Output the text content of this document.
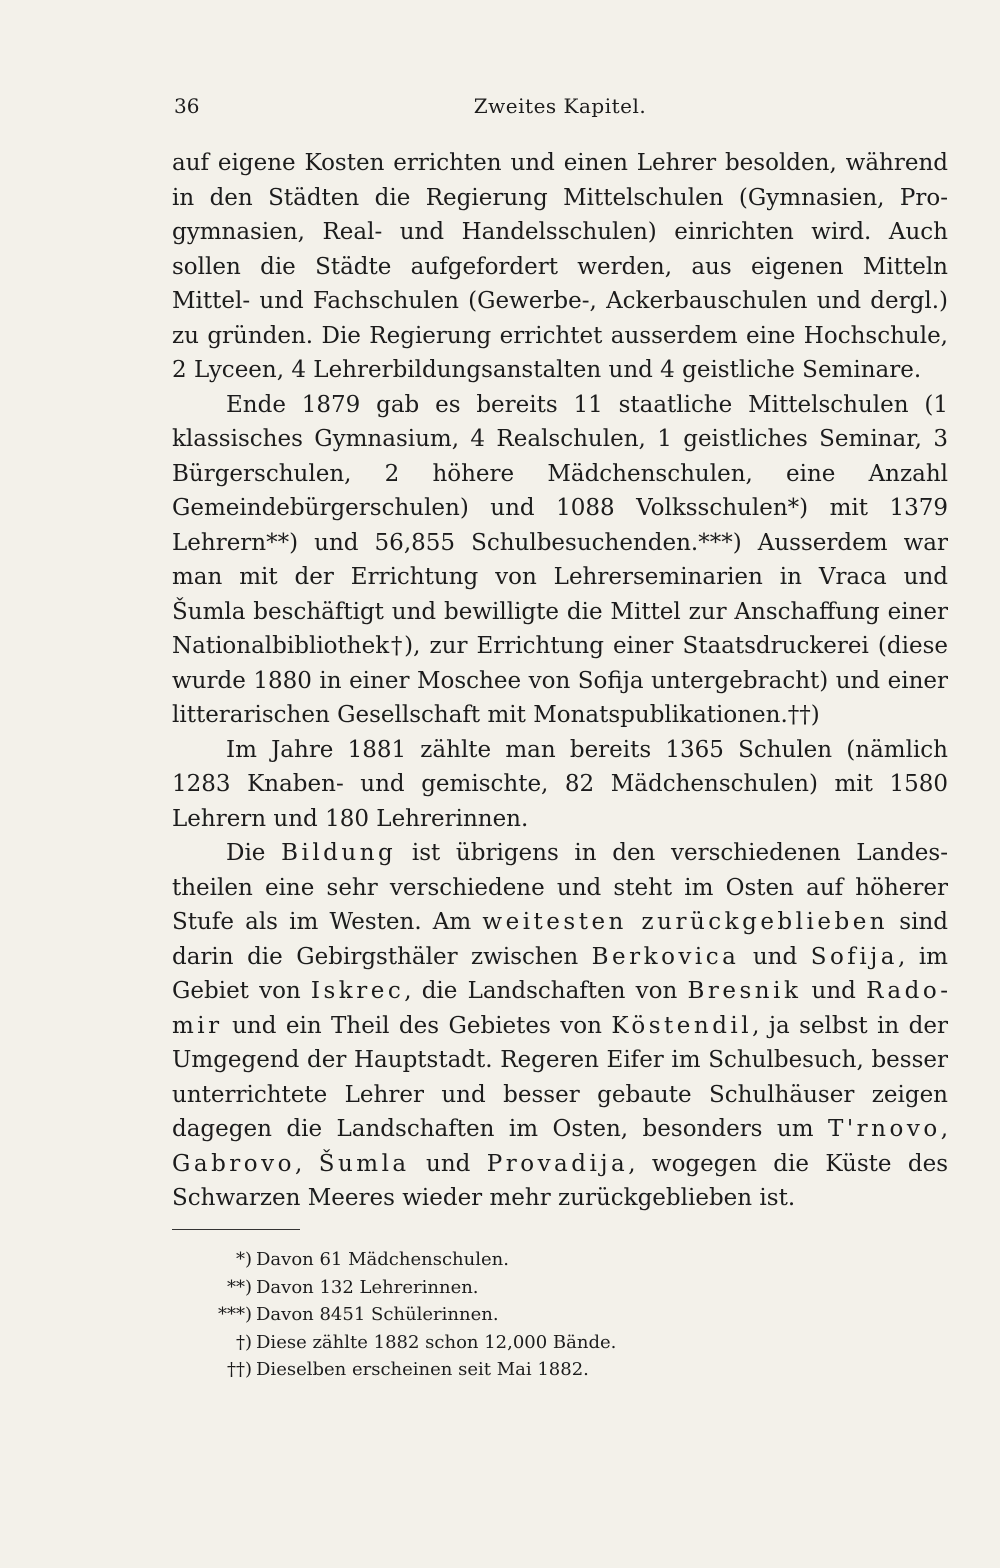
36	Zweites Kapitel.

auf eigene Kosten errichten und einen Lehrer besolden, während in den Städten die Regierung Mittelschulen (Gymnasien, Progymnasien, Real- und Handelsschulen) einrichten wird. Auch sollen die Städte aufgefordert werden, aus eigenen Mitteln Mittel- und Fachschulen (Gewerbe-, Ackerbauschulen und dergl.) zu gründen. Die Regierung errichtet ausserdem eine Hochschule, 2 Lyceen, 4 Lehrerbildungsanstalten und 4 geistliche Seminare.

Ende 1879 gab es bereits 11 staatliche Mittelschulen (1 klassisches Gymnasium, 4 Realschulen, 1 geistliches Seminar, 3 Bürgerschulen, 2 höhere Mädchenschulen, eine Anzahl Gemeindebürgerschulen) und 1088 Volksschulen*) mit 1379 Lehrern**) und 56,855 Schulbesuchenden.***) Ausserdem war man mit der Errichtung von Lehrerseminarien in Vraca und Šumla beschäftigt und bewilligte die Mittel zur Anschaffung einer Nationalbibliothek†), zur Errichtung einer Staatsdruckerei (diese wurde 1880 in einer Moschee von Sofija untergebracht) und einer litterarischen Gesellschaft mit Monatspublikationen.††)

Im Jahre 1881 zählte man bereits 1365 Schulen (nämlich 1283 Knaben- und gemischte, 82 Mädchenschulen) mit 1580 Lehrern und 180 Lehrerinnen.

Die Bildung ist übrigens in den verschiedenen Landestheilen eine sehr verschiedene und steht im Osten auf höherer Stufe als im Westen. Am weitesten zurückgeblieben sind darin die Gebirgsthäler zwischen Berkovica und Sofija, im Gebiet von Iskrec, die Landschaften von Bresnik und Radomir und ein Theil des Gebietes von Köstendil, ja selbst in der Umgegend der Hauptstadt. Regeren Eifer im Schulbesuch, besser unterrichtete Lehrer und besser gebaute Schulhäuser zeigen dagegen die Landschaften im Osten, besonders um T'rnovo, Gabrovo, Šumla und Provadija, wogegen die Küste des Schwarzen Meeres wieder mehr zurückgeblieben ist.

*) Davon 61 Mädchenschulen.
**) Davon 132 Lehrerinnen.
***) Davon 8451 Schülerinnen.
†) Diese zählte 1882 schon 12,000 Bände.
††) Dieselben erscheinen seit Mai 1882.
